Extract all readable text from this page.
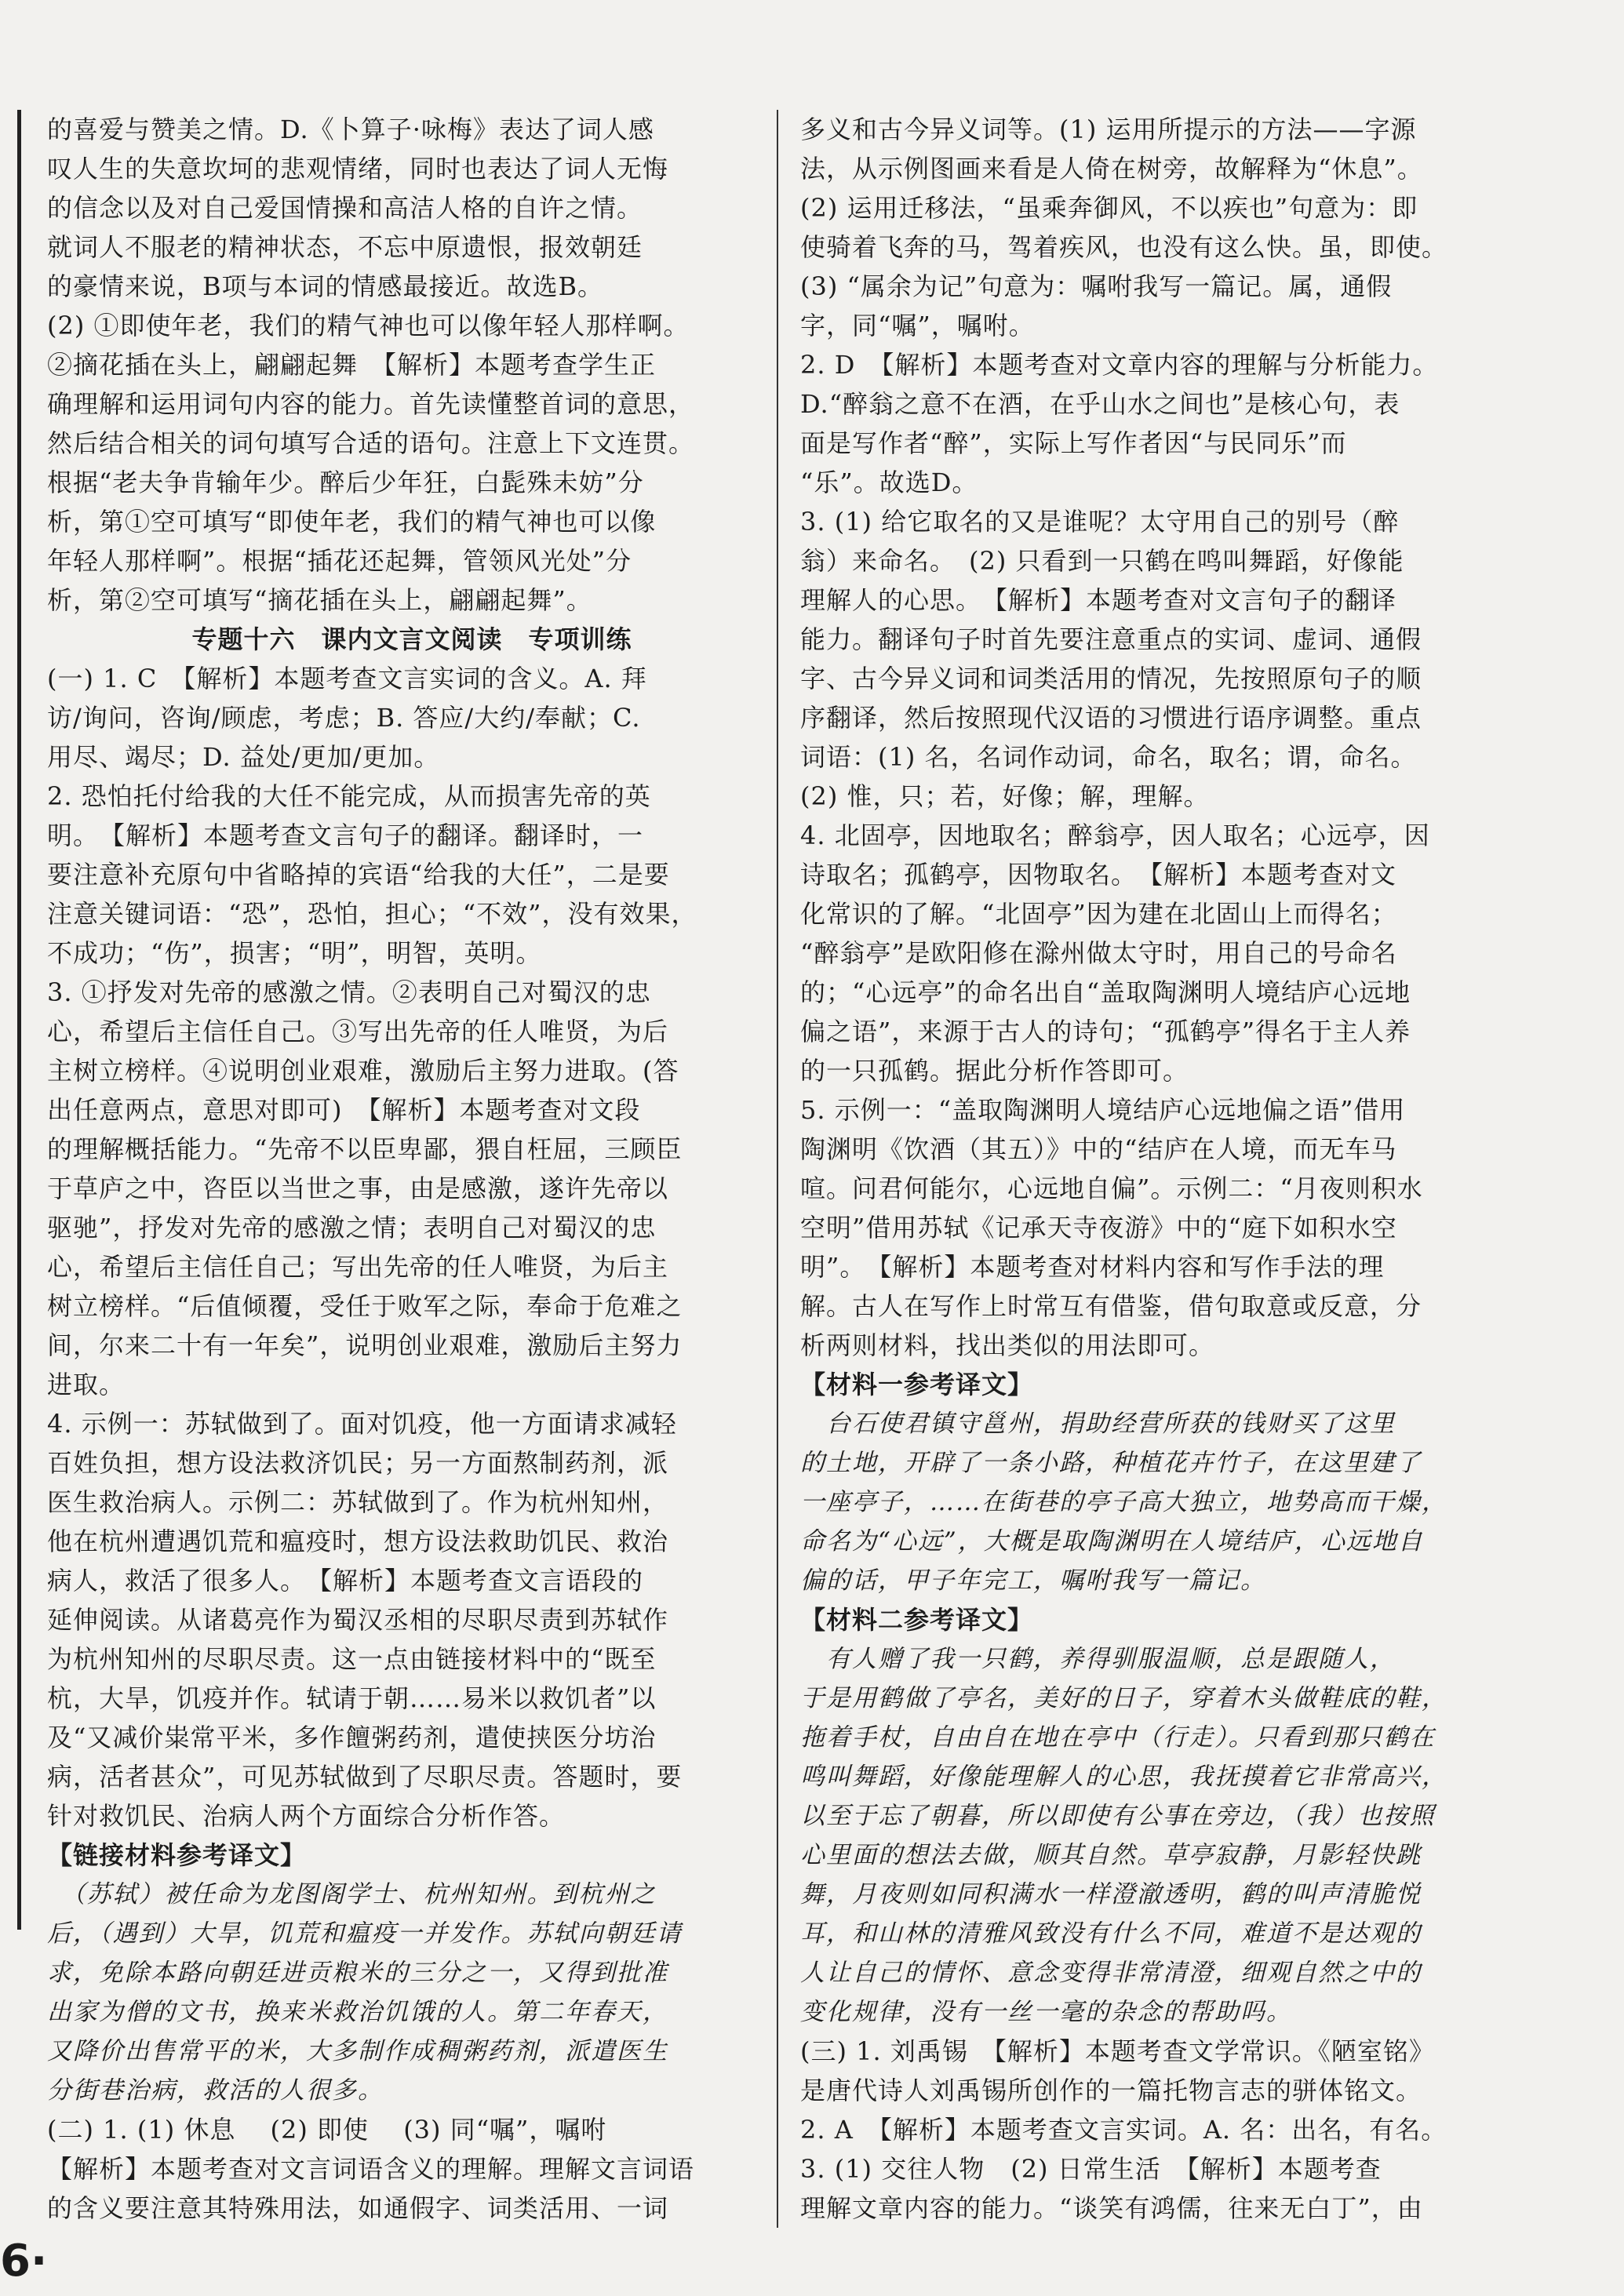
的喜爱与赞美之情。D.《卜算子·咏梅》表达了词人感
叹人生的失意坎坷的悲观情绪，同时也表达了词人无悔
的信念以及对自己爱国情操和高洁人格的自许之情。
就词人不服老的精神状态，不忘中原遗恨，报效朝廷
的豪情来说，B项与本词的情感最接近。故选B。
(2) ①即使年老，我们的精气神也可以像年轻人那样啊。
②摘花插在头上，翩翩起舞　【解析】本题考查学生正
确理解和运用词句内容的能力。首先读懂整首词的意思，
然后结合相关的词句填写合适的语句。注意上下文连贯。
根据“老夫争肯输年少。醉后少年狂，白髭殊未妨”分
析，第①空可填写“即使年老，我们的精气神也可以像
年轻人那样啊”。根据“插花还起舞，管领风光处”分
析，第②空可填写“摘花插在头上，翩翩起舞”。
专题十六　课内文言文阅读　专项训练
(一) 1. C　【解析】本题考查文言实词的含义。A. 拜
访/询问，咨询/顾虑，考虑；B. 答应/大约/奉献；C.
用尽、竭尽；D. 益处/更加/更加。
2. 恐怕托付给我的大任不能完成，从而损害先帝的英
明。　【解析】本题考查文言句子的翻译。翻译时，一
要注意补充原句中省略掉的宾语“给我的大任”，二是要
注意关键词语：“恐”，恐怕，担心；“不效”，没有效果，
不成功；“伤”，损害；“明”，明智，英明。
3. ①抒发对先帝的感激之情。②表明自己对蜀汉的忠
心，希望后主信任自己。③写出先帝的任人唯贤，为后
主树立榜样。④说明创业艰难，激励后主努力进取。(答
出任意两点，意思对即可)　【解析】本题考查对文段
的理解概括能力。“先帝不以臣卑鄙，猥自枉屈，三顾臣
于草庐之中，咨臣以当世之事，由是感激，遂许先帝以
驱驰”，抒发对先帝的感激之情；表明自己对蜀汉的忠
心，希望后主信任自己；写出先帝的任人唯贤，为后主
树立榜样。“后值倾覆，受任于败军之际，奉命于危难之
间，尔来二十有一年矣”，说明创业艰难，激励后主努力
进取。
4. 示例一：苏轼做到了。面对饥疫，他一方面请求减轻
百姓负担，想方设法救济饥民；另一方面熬制药剂，派
医生救治病人。示例二：苏轼做到了。作为杭州知州，
他在杭州遭遇饥荒和瘟疫时，想方设法救助饥民、救治
病人，救活了很多人。　【解析】本题考查文言语段的
延伸阅读。从诸葛亮作为蜀汉丞相的尽职尽责到苏轼作
为杭州知州的尽职尽责。这一点由链接材料中的“既至
杭，大旱，饥疫并作。轼请于朝……易米以救饥者”以
及“又减价粜常平米，多作饘粥药剂，遣使挟医分坊治
病，活者甚众”，可见苏轼做到了尽职尽责。答题时，要
针对救饥民、治病人两个方面综合分析作答。
【链接材料参考译文】
　（苏轼）被任命为龙图阁学士、杭州知州。到杭州之
后，（遇到）大旱，饥荒和瘟疫一并发作。苏轼向朝廷请
求，免除本路向朝廷进贡粮米的三分之一，又得到批准
出家为僧的文书，换来米救治饥饿的人。第二年春天，
又降价出售常平的米，大多制作成稠粥药剂，派遣医生
分街巷治病，救活的人很多。
(二) 1. (1) 休息　 (2) 即使　 (3) 同“嘱”，嘱咐
【解析】本题考查对文言词语含义的理解。理解文言词语
的含义要注意其特殊用法，如通假字、词类活用、一词
多义和古今异义词等。(1) 运用所提示的方法——字源
法，从示例图画来看是人倚在树旁，故解释为“休息”。
(2) 运用迁移法，“虽乘奔御风，不以疾也”句意为：即
使骑着飞奔的马，驾着疾风，也没有这么快。虽，即使。
(3) “属余为记”句意为：嘱咐我写一篇记。属，通假
字，同“嘱”，嘱咐。
2. D　【解析】本题考查对文章内容的理解与分析能力。
D.“醉翁之意不在酒，在乎山水之间也”是核心句，表
面是写作者“醉”，实际上写作者因“与民同乐”而
“乐”。故选D。
3. (1) 给它取名的又是谁呢？太守用自己的别号（醉
翁）来命名。　(2) 只看到一只鹤在鸣叫舞蹈，好像能
理解人的心思。　【解析】本题考查对文言句子的翻译
能力。翻译句子时首先要注意重点的实词、虚词、通假
字、古今异义词和词类活用的情况，先按照原句子的顺
序翻译，然后按照现代汉语的习惯进行语序调整。重点
词语：(1) 名，名词作动词，命名，取名；谓，命名。
(2) 惟，只；若，好像；解，理解。
4. 北固亭，因地取名；醉翁亭，因人取名；心远亭，因
诗取名；孤鹤亭，因物取名。　【解析】本题考查对文
化常识的了解。“北固亭”因为建在北固山上而得名；
“醉翁亭”是欧阳修在滁州做太守时，用自己的号命名
的；“心远亭”的命名出自“盖取陶渊明人境结庐心远地
偏之语”，来源于古人的诗句；“孤鹤亭”得名于主人养
的一只孤鹤。据此分析作答即可。
5. 示例一：“盖取陶渊明人境结庐心远地偏之语”借用
陶渊明《饮酒（其五）》中的“结庐在人境，而无车马
喧。问君何能尔，心远地自偏”。示例二：“月夜则积水
空明”借用苏轼《记承天寺夜游》中的“庭下如积水空
明”。　【解析】本题考查对材料内容和写作手法的理
解。古人在写作上时常互有借鉴，借句取意或反意，分
析两则材料，找出类似的用法即可。
【材料一参考译文】
　台石使君镇守邕州，捐助经营所获的钱财买了这里
的土地，开辟了一条小路，种植花卉竹子，在这里建了
一座亭子，……在街巷的亭子高大独立，地势高而干燥，
命名为“心远”，大概是取陶渊明在人境结庐，心远地自
偏的话，甲子年完工，嘱咐我写一篇记。
【材料二参考译文】
　有人赠了我一只鹤，养得驯服温顺，总是跟随人，
于是用鹤做了亭名，美好的日子，穿着木头做鞋底的鞋，
拖着手杖，自由自在地在亭中（行走）。只看到那只鹤在
鸣叫舞蹈，好像能理解人的心思，我抚摸着它非常高兴，
以至于忘了朝暮，所以即使有公事在旁边，（我）也按照
心里面的想法去做，顺其自然。草亭寂静，月影轻快跳
舞，月夜则如同积满水一样澄澈透明，鹤的叫声清脆悦
耳，和山林的清雅风致没有什么不同，难道不是达观的
人让自己的情怀、意念变得非常清澄，细观自然之中的
变化规律，没有一丝一毫的杂念的帮助吗。
(三) 1. 刘禹锡　【解析】本题考查文学常识。《陋室铭》
是唐代诗人刘禹锡所创作的一篇托物言志的骈体铭文。
2. A　【解析】本题考查文言实词。A. 名：出名，有名。
3. (1) 交往人物　(2) 日常生活　【解析】本题考查
理解文章内容的能力。“谈笑有鸿儒，往来无白丁”，由
6·
